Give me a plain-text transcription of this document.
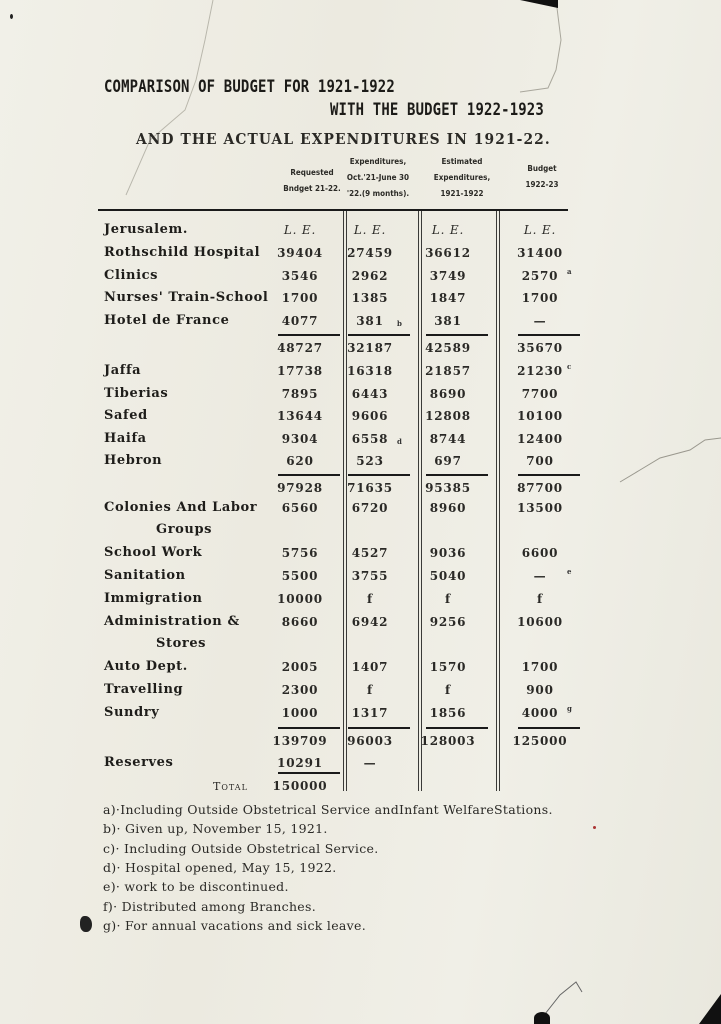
COMPARISON OF BUDGET FOR 1921-1922
WITH THE BUDGET 1922-1923
AND THE ACTUAL EXPENDITURES IN 1921-22.
Requested
Bndget 21-22.
Expenditures,
Oct.'21-June 30
'22.(9 months).
Estimated
Expenditures,
1921-1922
Budget
1922-23
Jerusalem.	L. E.	L. E.	L. E.	L. E.
Rothschild Hospital	39404	27459	36612	31400
Clinics	3546	2962	3749	2570	a
Nurses' Train-School	1700	1385	1847	1700
Hotel de France	4077	381	b	381	—
48727	32187	42589	35670
Jaffa	17738	16318	21857	21230 c
Tiberias	7895	6443	8690	7700
Safed	13644	9606	12808	10100
Haifa	9304	6558	d	8744	12400
Hebron	620	523	697	700
97928	71635	95385	87700
Colonies And Labor
Groups
6560	6720	8960	13500
School Work	5756	4527	9036	6600
Sanitation	5500	3755	5040	—	e
Immigration	10000	f	f	f
Administration &
Stores
8660	6942	9256	10600
Auto Dept.	2005	1407	1570	1700
Travelling	2300	f	f	900
Sundry	1000	1317	1856	4000	g
139709	96003	128003	125000
Reserves	10291	—
Total	150000
a)·Including Outside Obstetrical Service andInfant WelfareStations.
b)· Given up, November 15, 1921.
c)· Including Outside Obstetrical Service.
d)· Hospital opened, May 15, 1922.
e)· work to be discontinued.
f)· Distributed among Branches.
g)· For annual vacations and sick leave.
